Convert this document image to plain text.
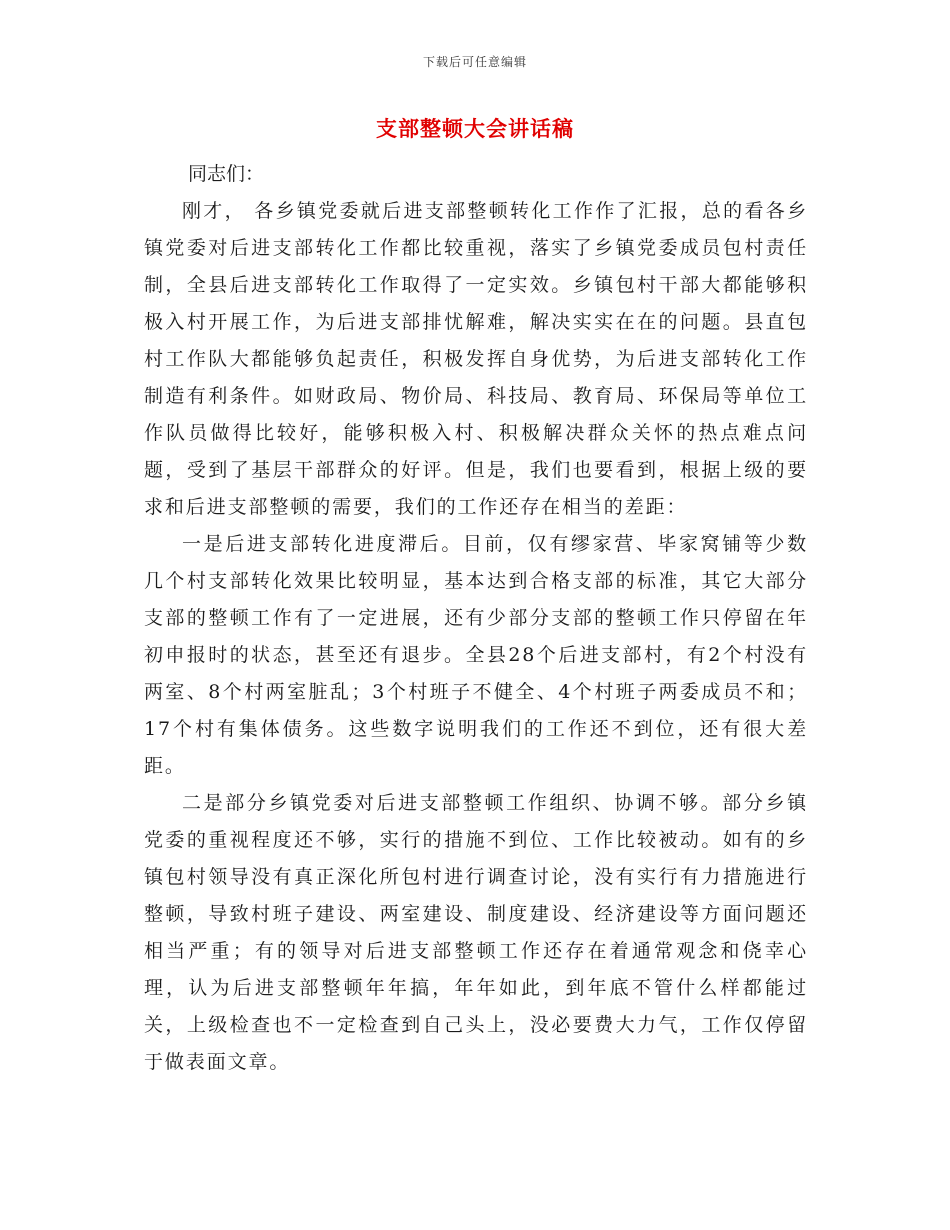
下载后可任意编辑
支部整顿大会讲话稿

同志们：

刚才， 各乡镇党委就后进支部整顿转化工作作了汇报，总的看各乡镇党委对后进支部转化工作都比较重视，落实了乡镇党委成员包村责任制，全县后进支部转化工作取得了一定实效。乡镇包村干部大都能够积极入村开展工作，为后进支部排忧解难，解决实实在在的问题。县直包村工作队大都能够负起责任，积极发挥自身优势，为后进支部转化工作制造有利条件。如财政局、物价局、科技局、教育局、环保局等单位工作队员做得比较好，能够积极入村、积极解决群众关怀的热点难点问题，受到了基层干部群众的好评。但是，我们也要看到，根据上级的要求和后进支部整顿的需要，我们的工作还存在相当的差距：

一是后进支部转化进度滞后。目前，仅有缪家营、毕家窝铺等少数几个村支部转化效果比较明显，基本达到合格支部的标准，其它大部分支部的整顿工作有了一定进展，还有少部分支部的整顿工作只停留在年初申报时的状态，甚至还有退步。全县28个后进支部村，有2个村没有两室、8个村两室脏乱；3个村班子不健全、4个村班子两委成员不和；17个村有集体债务。这些数字说明我们的工作还不到位，还有很大差距。

二是部分乡镇党委对后进支部整顿工作组织、协调不够。部分乡镇党委的重视程度还不够，实行的措施不到位、工作比较被动。如有的乡镇包村领导没有真正深化所包村进行调查讨论，没有实行有力措施进行整顿，导致村班子建设、两室建设、制度建设、经济建设等方面问题还相当严重；有的领导对后进支部整顿工作还存在着通常观念和侥幸心理，认为后进支部整顿年年搞，年年如此，到年底不管什么样都能过关，上级检查也不一定检查到自己头上，没必要费大力气，工作仅停留于做表面文章。
